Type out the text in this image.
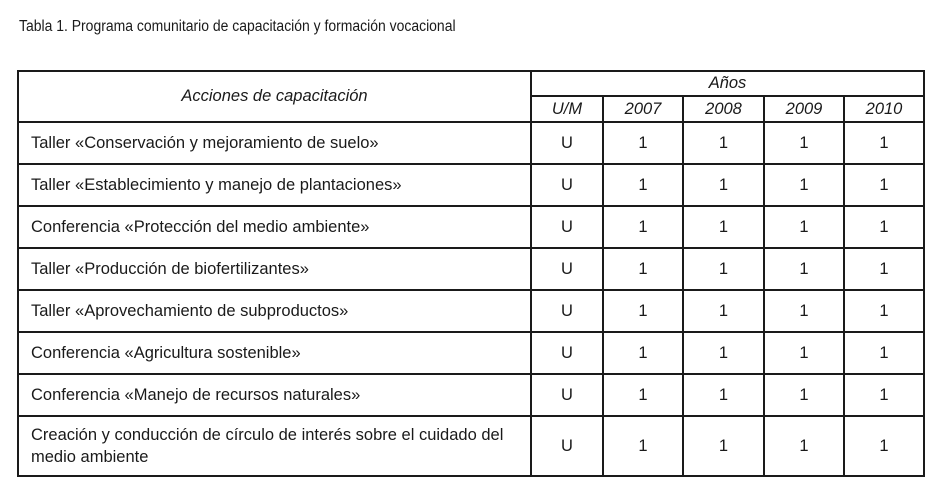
Tabla 1. Programa comunitario de capacitación y formación vocacional
Acciones de capacitación	Años				
	U/M	2007	2008	2009	2010
Taller «Conservación y mejoramiento de suelo»	U	1	1	1	1
Taller «Establecimiento y manejo de plantaciones»	U	1	1	1	1
Conferencia «Protección del medio ambiente»	U	1	1	1	1
Taller «Producción de biofertilizantes»	U	1	1	1	1
Taller «Aprovechamiento de subproductos»	U	1	1	1	1
Conferencia «Agricultura sostenible»	U	1	1	1	1
Conferencia «Manejo de recursos naturales»	U	1	1	1	1
Creación y conducción de círculo de interés sobre el cuidado del medio ambiente	U	1	1	1	1
